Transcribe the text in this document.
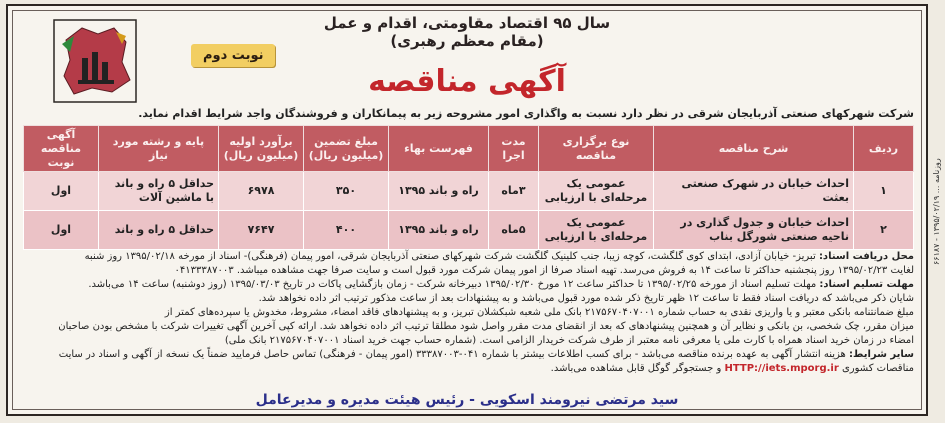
سال ۹۵ اقتصاد مقاومتی، اقدام و عمل (مقام معظم رهبری)
نوبت دوم
آگهی مناقصه
شرکت شهرکهای صنعتی آذربایجان شرقی در نظر دارد نسبت به واگذاری امور مشروحه زیر به پیمانکاران و فروشندگان واجد شرایط اقدام نماید.
ردیف	شرح مناقصه	نوع برگزاری مناقصه	مدت اجرا	فهرست بهاء	مبلغ تضمین (میلیون ریال)	برآورد اولیه (میلیون ریال)	پایه و رشته مورد نیاز	آگهی مناقصه نوبت
۱	احداث خیابان در شهرک صنعتی بعثت	عمومی یک مرحله‌ای با ارزیابی	۳ماه	راه و باند ۱۳۹۵	۳۵۰	۶۹۷۸	حداقل ۵ راه و باند با ماشین آلات	اول
۲	احداث خیابان و جدول گذاری در ناحیه صنعتی شورگل بناب	عمومی یک مرحله‌ای با ارزیابی	۵ماه	راه و باند ۱۳۹۵	۴۰۰	۷۶۴۷	حداقل ۵ راه و باند	اول

محل دریافت اسناد: تبریز- خیابان آزادی، ابتدای کوی گلگشت، کوچه زیبا، جنب کلینیک گلگشت شرکت شهرکهای صنعتی آذربایجان شرقی، امور پیمان (فرهنگی)- اسناد از مورخه ۱۳۹۵/۰۲/۱۸ روز شنبه

لغایت ۱۳۹۵/۰۲/۲۳ روز پنجشنبه حداکثر تا ساعت ۱۴ به فروش می‌رسد. تهیه اسناد صرفا از امور پیمان شرکت مورد قبول است و سایت صرفا جهت مشاهده میباشد. ۰۴۱۳۳۳۸۷۰۰۳

مهلت تسلیم اسناد: مهلت تسلیم اسناد از مورخه ۱۳۹۵/۰۲/۲۵ تا حداکثر ساعت ۱۲ مورخ ۱۳۹۵/۰۲/۳۰ دبیرخانه شرکت - زمان بازگشایی پاکات در تاریخ ۱۳۹۵/۰۳/۰۳ (روز دوشنبه) ساعت ۱۴ می‌باشد.

شایان ذکر می‌باشد که دریافت اسناد فقط تا ساعت ۱۲ ظهر تاریخ ذکر شده مورد قبول می‌باشد و به پیشنهادات بعد از ساعت مذکور ترتیب اثر داده نخواهد شد.

مبلغ ضمانتنامه بانکی معتبر و یا واریزی نقدی به حساب شماره ۲۱۷۵۶۷۰۴۰۷۰۰۱ بانک ملی شعبه شبکشلان تبریز، و به پیشنهادهای فاقد امضاء، مشروط، مخدوش یا سپرده‌های کمتر از

میزان مقرر، چک شخصی، بن بانکی و نظایر آن و همچنین پیشنهادهای که بعد از انقضای مدت مقرر واصل شود مطلقا ترتیب اثر داده نخواهد شد. ارائه کپی آخرین آگهی تغییرات شرکت با مشخص بودن صاحبان

امضاء در زمان خرید اسناد همراه با کارت ملی یا معرفی نامه معتبر از طرف شرکت خریدار الزامی است. (شماره حساب جهت خرید اسناد ۲۱۷۵۶۷۰۴۰۷۰۰۱ بانک ملی)

سایر شرایط: هزینه انتشار آگهی به عهده برنده مناقصه می‌باشد - برای کسب اطلاعات بیشتر با شماره ۰۴۱-۳۳۳۸۷۰۰۳ (امور پیمان - فرهنگی) تماس حاصل فرمایید ضمناً یک نسخه از آگهی و اسناد در سایت

مناقصات کشوری HTTP://iets.mporg.ir و جستجوگر گوگل قابل مشاهده می‌باشد.

سید مرتضی نیرومند اسکویی - رئیس هیئت مدیره و مدیرعامل
روزنامه ... ۱۳۹۵/۰۲/۱۹ - ۶۶۱۸۷
